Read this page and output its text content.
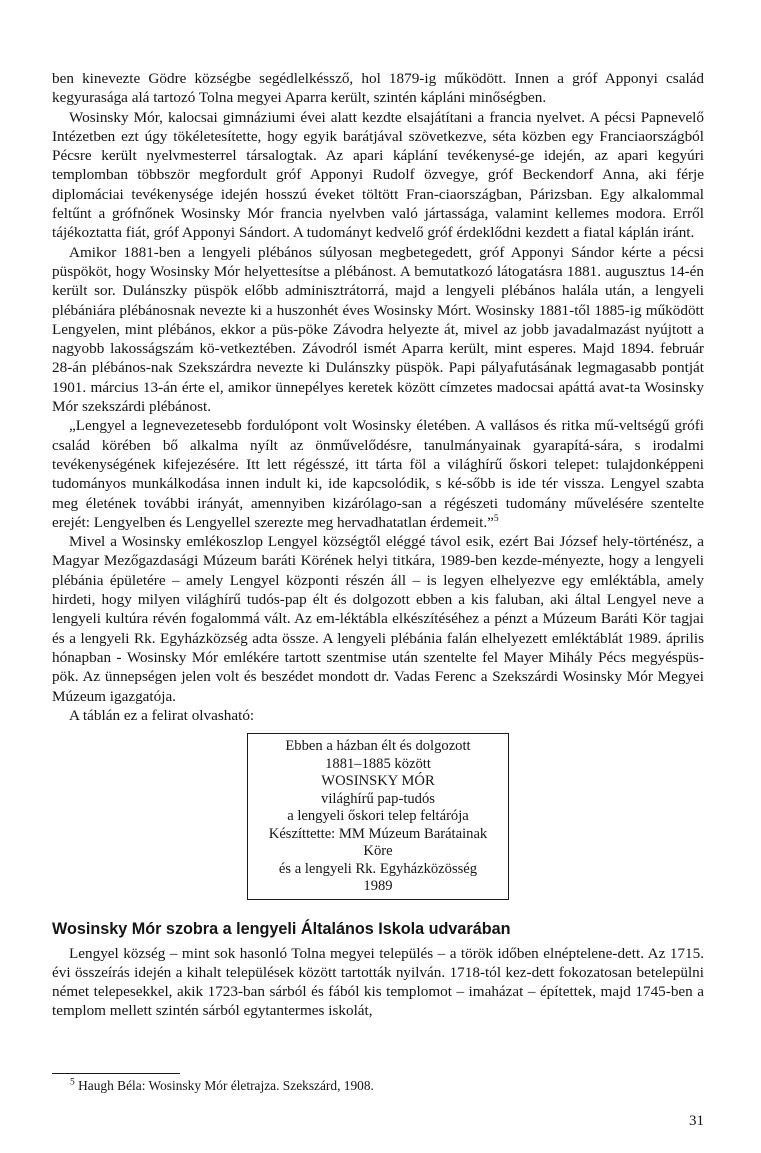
ben kinevezte Gödre községbe segédlelkéssző, hol 1879-ig működött. Innen a gróf Apponyi család kegyurasága alá tartozó Tolna megyei Aparra került, szintén kápláni minőségben.

Wosinsky Mór, kalocsai gimnáziumi évei alatt kezdte elsajátítani a francia nyelvet. A pécsi Papnevelő Intézetben ezt úgy tökéletesítette, hogy egyik barátjával szövetkezve, séta közben egy Franciaországból Pécsre került nyelvmesterrel társalogtak. Az apari káplání tevékenysé-ge idején, az apari kegyúri templomban többször megfordult gróf Apponyi Rudolf özvegye, gróf Beckendorf Anna, aki férje diplomáciai tevékenysége idején hosszú éveket töltött Fran-ciaországban, Párizsban. Egy alkalommal feltűnt a grófnőnek Wosinsky Mór francia nyelvben való jártassága, valamint kellemes modora. Erről tájékoztatta fiát, gróf Apponyi Sándort. A tudományt kedvelő gróf érdeklődni kezdett a fiatal káplán iránt.

Amikor 1881-ben a lengyeli plébános súlyosan megbetegedett, gróf Apponyi Sándor kérte a pécsi püspököt, hogy Wosinsky Mór helyettesítse a plébánost. A bemutatkozó látogatásra 1881. augusztus 14-én került sor. Dulánszky püspök előbb adminisztrátorrá, majd a lengyeli plébános halála után, a lengyeli plébániára plébánosnak nevezte ki a huszonhét éves Wosinsky Mórt. Wosinsky 1881-től 1885-ig működött Lengyelen, mint plébános, ekkor a püs-pöke Závodra helyezte át, mivel az jobb javadalmazást nyújtott a nagyobb lakosságszám kö-vetkeztében. Závodról ismét Aparra került, mint esperes. Majd 1894. február 28-án plébános-nak Szekszárdra nevezte ki Dulánszky püspök. Papi pályafutásának legmagasabb pontját 1901. március 13-án érte el, amikor ünnepélyes keretek között címzetes madocsai apáttá avat-ta Wosinsky Mór szekszárdi plébánost.

„Lengyel a legnevezetesebb fordulópont volt Wosinsky életében. A vallásos és ritka mű-veltségű grófi család körében bő alkalma nyílt az önművelődésre, tanulmányainak gyarapítá-sára, s irodalmi tevékenységének kifejezésére. Itt lett régésszé, itt tárta föl a világhírű őskori telepet: tulajdonképpeni tudományos munkálkodása innen indult ki, ide kapcsolódik, s ké-sőbb is ide tér vissza. Lengyel szabta meg életének további irányát, amennyiben kizárólago-san a régészeti tudomány művelésére szentelte erejét: Lengyelben és Lengyellel szerezte meg hervadhatatlan érdemeit.”$^5$

Mivel a Wosinsky emlékoszlop Lengyel községtől eléggé távol esik, ezért Bai József hely-történész, a Magyar Mezőgazdasági Múzeum baráti Körének helyi titkára, 1989-ben kezde-ményezte, hogy a lengyeli plébánia épületére – amely Lengyel központi részén áll – is legyen elhelyezve egy emléktábla, amely hirdeti, hogy milyen világhírű tudós-pap élt és dolgozott ebben a kis faluban, aki által Lengyel neve a lengyeli kultúra révén fogalommá vált. Az em-léktábla elkészítéséhez a pénzt a Múzeum Baráti Kör tagjai és a lengyeli Rk. Egyházközség adta össze. A lengyeli plébánia falán elhelyezett emléktáblát 1989. április hónapban - Wosinsky Mór emlékére tartott szentmise után szentelte fel Mayer Mihály Pécs megyéspüs-pök. Az ünnepségen jelen volt és beszédet mondott dr. Vadas Ferenc a Szekszárdi Wosinsky Mór Megyei Múzeum igazgatója.

A táblán ez a felirat olvasható:

Ebben a házban élt és dolgozott
1881–1885 között
WOSINSKY MÓR
világhírű pap-tudós
a lengyeli őskori telep feltárója
Készíttette: MM Múzeum Barátainak Köre
és a lengyeli Rk. Egyházközösség
1989
Wosinsky Mór szobra a lengyeli Általános Iskola udvarában

Lengyel község – mint sok hasonló Tolna megyei település – a török időben elnéptelene-dett. Az 1715. évi összeírás idején a kihalt települések között tartották nyilván. 1718-tól kez-dett fokozatosan betelepülni német telepesekkel, akik 1723-ban sárból és fából kis templomot – imaházat – építettek, majd 1745-ben a templom mellett szintén sárból egytantermes iskolát,

$^5$ Haugh Béla: Wosinsky Mór életrajza. Szekszárd, 1908.
31
